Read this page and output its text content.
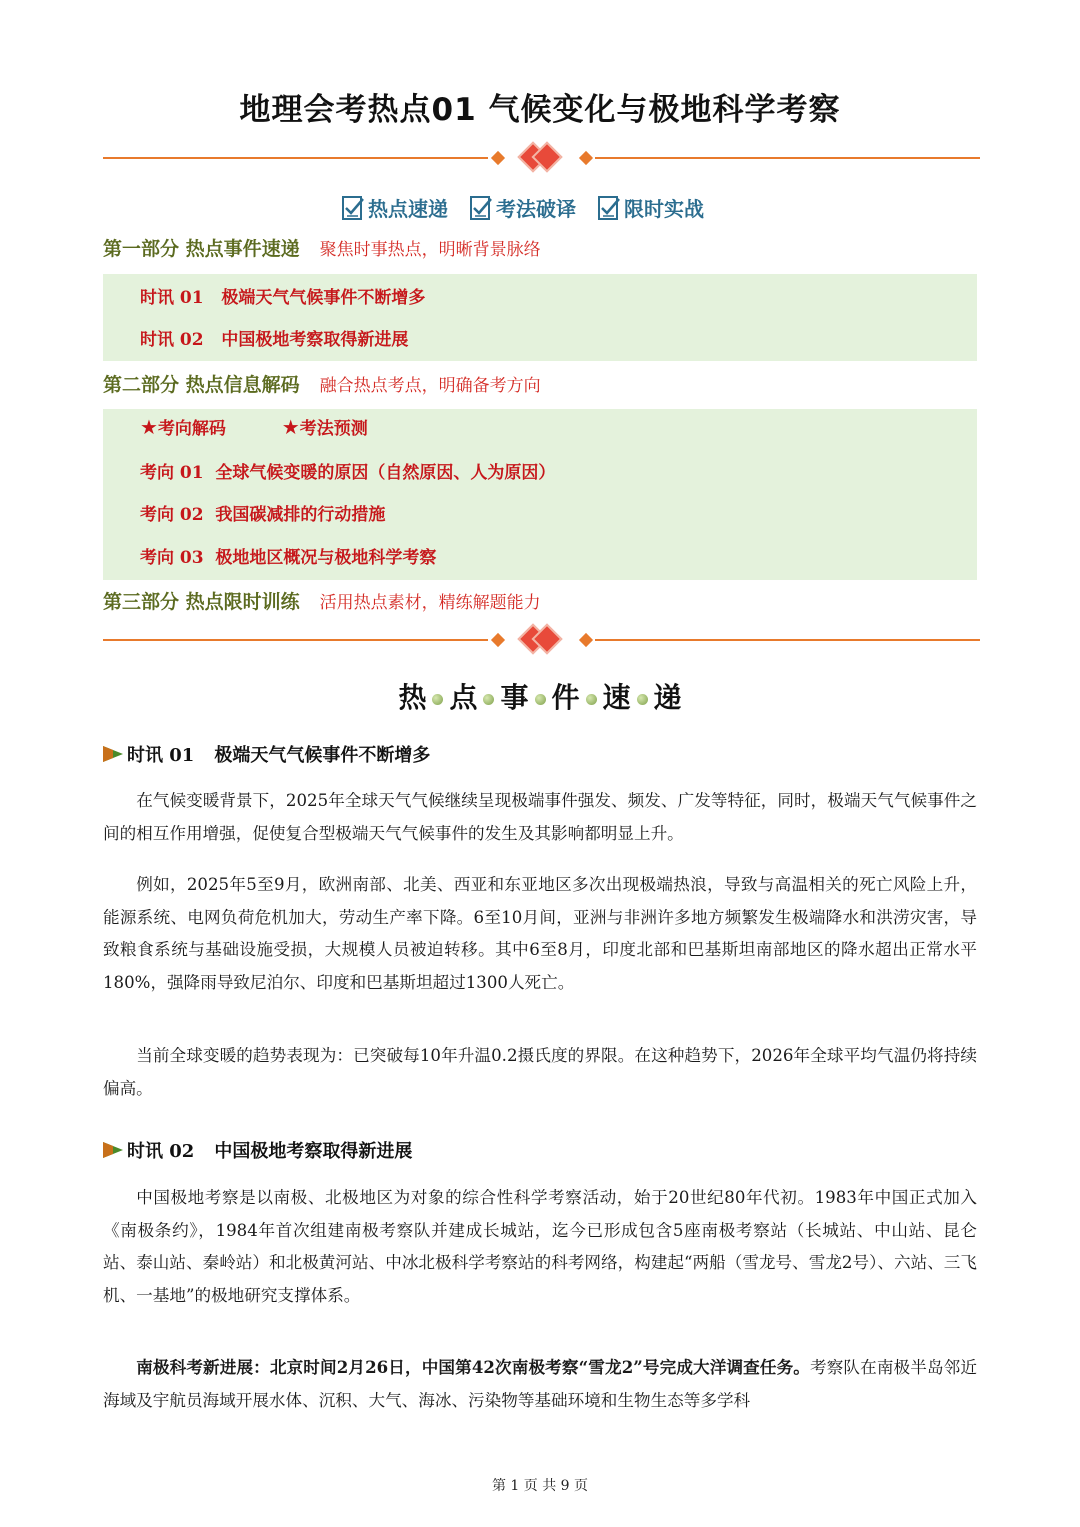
地理会考热点01 气候变化与极地科学考察
热点速递 考法破译 限时实战
第一部分 热点事件速递 聚焦时事热点，明晰背景脉络
时讯 01 极端天气气候事件不断增多
时讯 02 中国极地考察取得新进展
第二部分 热点信息解码 融合热点考点，明确备考方向
★考向解码	★考法预测
考向 01 全球气候变暖的原因（自然原因、人为原因）
考向 02 我国碳减排的行动措施
考向 03 极地地区概况与极地科学考察
第三部分 热点限时训练 活用热点素材，精练解题能力
热 点 事 件 速 递
时讯 01 极端天气气候事件不断增多

在气候变暖背景下，2025年全球天气气候继续呈现极端事件强发、频发、广发等特征，同时，极端天气气候事件之间的相互作用增强，促使复合型极端天气气候事件的发生及其影响都明显上升。

例如，2025年5至9月，欧洲南部、北美、西亚和东亚地区多次出现极端热浪，导致与高温相关的死亡风险上升，能源系统、电网负荷危机加大，劳动生产率下降。6至10月间，亚洲与非洲许多地方频繁发生极端降水和洪涝灾害，导致粮食系统与基础设施受损，大规模人员被迫转移。其中6至8月，印度北部和巴基斯坦南部地区的降水超出正常水平180%，强降雨导致尼泊尔、印度和巴基斯坦超过1300人死亡。

当前全球变暖的趋势表现为：已突破每10年升温0.2摄氏度的界限。在这种趋势下，2026年全球平均气温仍将持续偏高。

时讯 02 中国极地考察取得新进展

中国极地考察是以南极、北极地区为对象的综合性科学考察活动，始于20世纪80年代初。1983年中国正式加入《南极条约》，1984年首次组建南极考察队并建成长城站，迄今已形成包含5座南极考察站（长城站、中山站、昆仑站、泰山站、秦岭站）和北极黄河站、中冰北极科学考察站的科考网络，构建起“两船（雪龙号、雪龙2号）、六站、三飞机、一基地”的极地研究支撑体系。

南极科考新进展：北京时间2月26日，中国第42次南极考察“雪龙2”号完成大洋调查任务。考察队在南极半岛邻近海域及宇航员海域开展水体、沉积、大气、海冰、污染物等基础环境和生物生态等多学科

第 1 页 共 9 页
